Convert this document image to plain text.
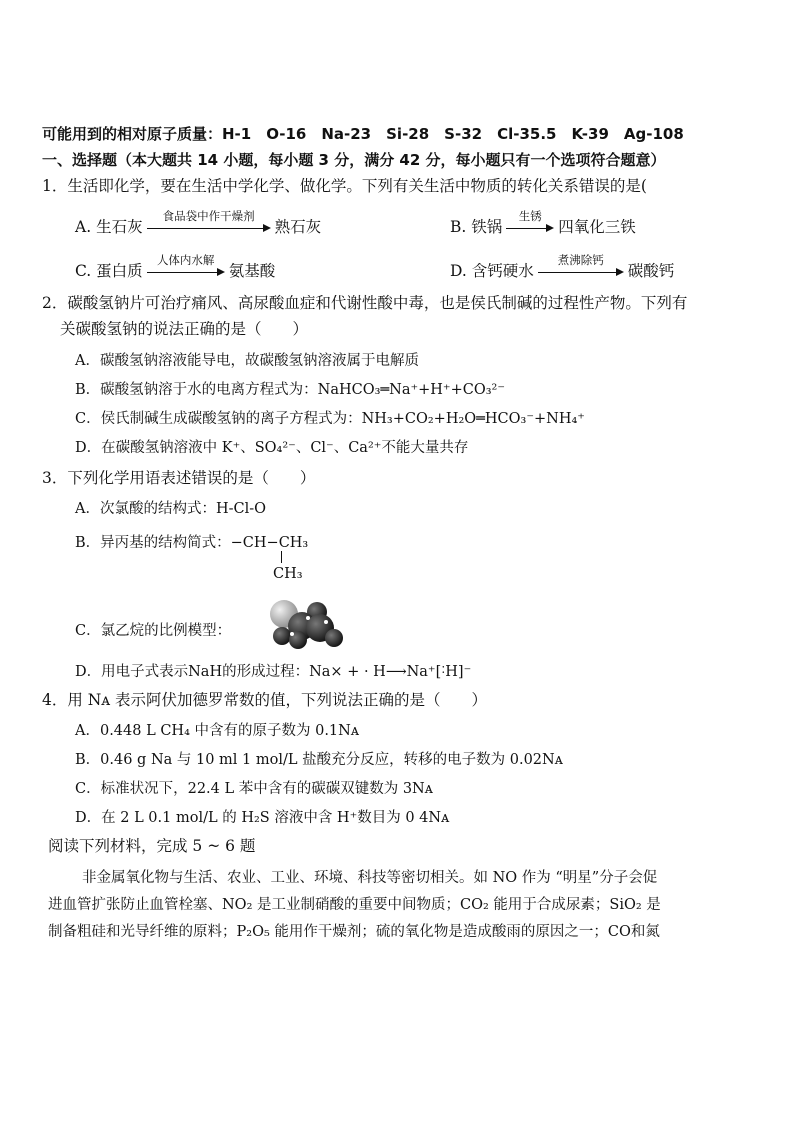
可能用到的相对原子质量：H-1　O-16　Na-23　Si-28　S-32　Cl-35.5　K-39　Ag-108
一、选择题（本大题共 14 小题，每小题 3 分，满分 42 分，每小题只有一个选项符合题意）
1．生活即化学，要在生活中学化学、做化学。下列有关生活中物质的转化关系错误的是(
A. 生石灰
食品袋中作干燥剂
熟石灰	B. 铁锅
生锈
四氧化三铁
C. 蛋白质
人体内水解
氨基酸	D. 含钙硬水
煮沸除钙
碳酸钙
2．碳酸氢钠片可治疗痛风、高尿酸血症和代谢性酸中毒，也是侯氏制碱的过程性产物。下列有
关碳酸氢钠的说法正确的是（　　）
A．碳酸氢钠溶液能导电，故碳酸氢钠溶液属于电解质
B．碳酸氢钠溶于水的电离方程式为：NaHCO₃═Na⁺+H⁺+CO₃²⁻
C．侯氏制碱生成碳酸氢钠的离子方程式为：NH₃+CO₂+H₂O═HCO₃⁻+NH₄⁺
D．在碳酸氢钠溶液中 K⁺、SO₄²⁻、Cl⁻、Ca²⁺不能大量共存
3．下列化学用语表述错误的是（　　）
A．次氯酸的结构式：H-Cl-O
B．异丙基的结构简式：−CH−CH₃
CH₃
C．氯乙烷的比例模型：
D．用电子式表示NaH的形成过程：Na× + · H⟶Na⁺[˸H]⁻
4．用 Nᴀ 表示阿伏加德罗常数的值，下列说法正确的是（　　）
A．0.448 L CH₄ 中含有的原子数为 0.1Nᴀ
B．0.46 g Na 与 10 ml 1 mol/L 盐酸充分反应，转移的电子数为 0.02Nᴀ
C．标准状况下，22.4 L 苯中含有的碳碳双键数为 3Nᴀ
D．在 2 L 0.1 mol/L 的 H₂S 溶液中含 H⁺数目为 0 4Nᴀ
阅读下列材料，完成 5 ~ 6 题
非金属氧化物与生活、农业、工业、环境、科技等密切相关。如 NO 作为 “明星”分子会促
进血管扩张防止血管栓塞、NO₂ 是工业制硝酸的重要中间物质；CO₂ 能用于合成尿素；SiO₂ 是
制备粗硅和光导纤维的原料；P₂O₅ 能用作干燥剂；硫的氧化物是造成酸雨的原因之一；CO和氮
